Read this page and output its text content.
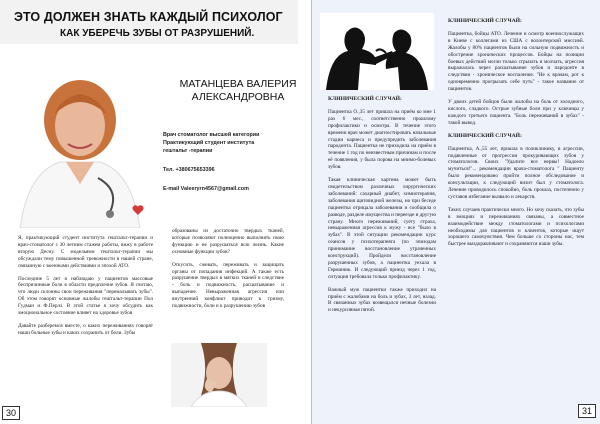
ЭТО ДОЛЖЕН ЗНАТЬ КАЖДЫЙ ПСИХОЛОГ
КАК УБЕРЕЧЬ ЗУБЫ ОТ РАЗРУШЕНИЙ.
МАТАНЦЕВА ВАЛЕРИЯ
АЛЕКСАНДРОВНА
Врач стоматолог высшей категории
Практикующий студент института
гештальт -терапии
Тел. +380675653396
E-mail Valeeryrn4567@gmail.com

Я, практикующий студент института гештальт-терапии и врач-стоматолог с 30 летним стажем работы, вижу в работе вторую Десну. С модельями гештальт-терапии мы обсуждали тему повышенной тревожности в нашей стране, связанную с военными действиями и эпохой АТО.

Последние 5 лет я наблюдаю у пациентов массовые беспричинные боли в области предплечие зубов. Я считаю, что люди склонны свои переживания "перемалывать зубы". Об этом говорят основные жалобы гештальт-терапии Пол Гудман и Ф.Перлз. В этой статье я хочу обсудить как эмоциональное состояние влияет на здоровье зубов

Давайте разберемся вместе, о каких переживаниях говорят наши больные зубы и каких сохранить от боли. Зубы

образованы из достаточно твердых тканей, которые позволяют полноценно выполнять свою функцию и не разрушаться всю жизнь. Какие основные функции зубов?

Откусить, сжевать, переживать и защищать органы от попадания инфекций. А также есть разрушение твердых в мягких тканей и следствие - боль и подвижность, расшатывание и выпадение. Невыраженная агрессия или внутренний конфликт приводит к тризму, подвижности, боли и к разрушению зубов

30
КЛИНИЧЕСКИЙ СЛУЧАЙ:

Пациентка О.,35 лет пришла на приём ко мне 1 раз 6 мес., соответственно прошлому профилактики и осмотра. В течение этого времени врач может диагностировать начальные стадии кариеса и предупредить заболевания пародонта. Пациентка не приходила на приём в течение 1 год по неизвестным причинам и после её появления, у была порова на мнимо-болевых зубов.

Такая клиническая картина может быть свидетельством различных хирургических заболеваний: сахарный диабет, химиотерапия, заболевания щитовидной железы, но при беседе пациентка отрицала заболевания и сообщила о разводе, разделе имущества и переезде в другую страну. Много переживаний, суету страха, невыраженная агрессия к мужу - все "было в зубах". В этой ситуации рекомендации курс сеансов у психотерапевта (по эпизодам принимание восстановление утраченных конструкций). Пройдели восстановление разрушенных зубов, а пациентка уехала в Германию. И следующий приезд через 1 год, ситуация требовала только профилактику.

Важный муж пациентки также приходил на приём с жалобами на боль и зубах, 3 лет, назад. В связанных зубах возвещался нечные болезни и некурсивная пятой.

КЛИНИЧЕСКИЙ СЛУЧАЙ:

Пациентка, бойцы АТО. Лечение и осмотр военнослужащих в Киеве с коллегами из США с волонтерской миссией. Жалобы у 80% пациентов были на сильную подвижность и обострение хронических процессов. Бойцы на позиции боевых действий могли только сгрызать и молчать, агрессия выражалась через расшатывание зубов и пародонте в следствии - хроническое воспаление. "Не к врачам, рот к одновременно прогрызать себе путь" - такое название от пациентов.

У двоих детей бойцов были жалобы на боль от холодного, кислого, сладкого. Острые зубные боли при у ключицы у каждого третьего пациента. "Боль переживаний в зубах" - такой вывод.

КЛИНИЧЕСКИЙ СЛУЧАЙ:

Пациентка, А.,55 лет, пришла в поликлинику, в агрессии, подавленные от прогрессии прокуривающих зубов у стоматологов. Своих "Удалите все нервы! Надоело мучиться!"... рекомендации врача-стоматолога " Пациенту было рекомендовано пройти полное обследование и консультации, к следующий визит был у стоматолога. Лечение проводилось спокойно, боль прошла, постепенно у суставов избегание вызвало и лекарств.

Таких случаев практически много. Но хочу сказать, что зубы в эмоциях и переживаниях связаны, а совместное взаимодействие между стоматологами и психологами необходимы для пациентов и клиентов, которые ищут хорошего самочувствия. Чем больше со стороны нас, тем быстрее выздоравливают и сохраняются наши зубы.

31
